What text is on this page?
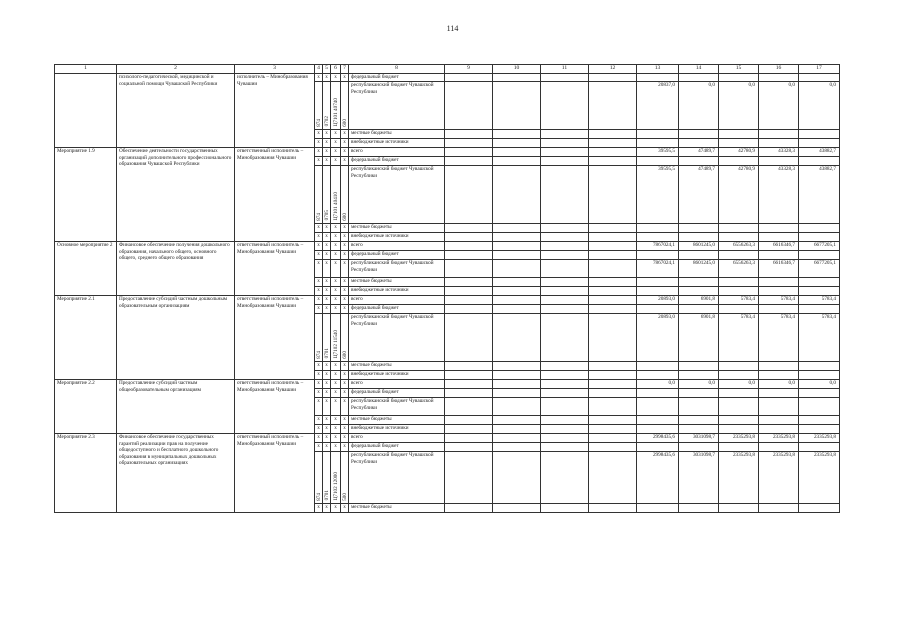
114
1	2	3	4	5	6	7	8	9	10	11	12	13	14	15	16	17
	психолого-педагогической, медицинской и социальной помощи Чувашской Республики	исполнитель – Минобразования Чувашии	x	x	x	x	федеральный бюджет									
			874	0702	Ц7101 40740	600	республиканский бюджет Чувашской Республики					20837,0	0,0	0,0	0,0	0,0
			x	x	x	x	местные бюджеты									
			x	x	x	x	внебюджетные источники									
Мероприятие 1.9	Обеспечение деятельности государственных организаций дополнительного профессионального образования Чувашской Республики	ответственный исполнитель – Минобразования Чувашии	x	x	x	x	всего					39595,5	47489,7	42780,9	43328,3	43882,7
			x	x	x	x	федеральный бюджет									
			874	0705	Ц7101 40410	600	республиканский бюджет Чувашской Республики					39595,5	47489,7	42780,9	43328,3	43882,7
			x	x	x	x	местные бюджеты									
			x	x	x	x	внебюджетные источники									
Основное мероприятие 2	Финансовое обеспечение получения дошкольного образования, начального общего, основного общего, среднего общего образования	ответственный исполнитель – Минобразования Чувашии	x	x	x	x	всего					7867024,1	8601245,0	6556263,3	6616346,7	6677205,1
			x	x	x	x	федеральный бюджет									
			x	x	x	x	республиканский бюджет Чувашской Республики					7867024,1	8601245,0	6556263,3	6616346,7	6677205,1
			x	x	x	x	местные бюджеты									
			x	x	x	x	внебюджетные источники									
Мероприятие 2.1	Предоставление субсидий частным дошкольным образовательным организациям	ответственный исполнитель – Минобразования Чувашии	x	x	x	x	всего					20893,0	6901,8	5783,4	5783,4	5783,4
			x	x	x	x	федеральный бюджет									
			874	0701	Ц7102 11540	600	республиканский бюджет Чувашской Республики					20893,0	6901,8	5783,4	5783,4	5783,4
			x	x	x	x	местные бюджеты									
			x	x	x	x	внебюджетные источники									
Мероприятие 2.2	Предоставление субсидий частным общеобразовательным организациям	ответственный исполнитель – Минобразования Чувашии	x	x	x	x	всего					0,0	0,0	0,0	0,0	0,0
			x	x	x	x	федеральный бюджет									
			x	x	x	x	республиканский бюджет Чувашской Республики									
			x	x	x	x	местные бюджеты									
			x	x	x	x	внебюджетные источники									
Мероприятие 2.3	Финансовое обеспечение государственных гарантий реализации прав на получение общедоступного и бесплатного дошкольного образования в муниципальных дошкольных образовательных организациях	ответственный исполнитель – Минобразования Чувашии	x	x	x	x	всего					2998435,6	3031098,7	2335293,8	2335293,8	2335293,8
			x	x	x	x	федеральный бюджет									
			874	0701	Ц7102 12000	500	республиканский бюджет Чувашской Республики					2998435,6	3031098,7	2335293,8	2335293,8	2335293,8
			x	x	x	x	местные бюджеты									
